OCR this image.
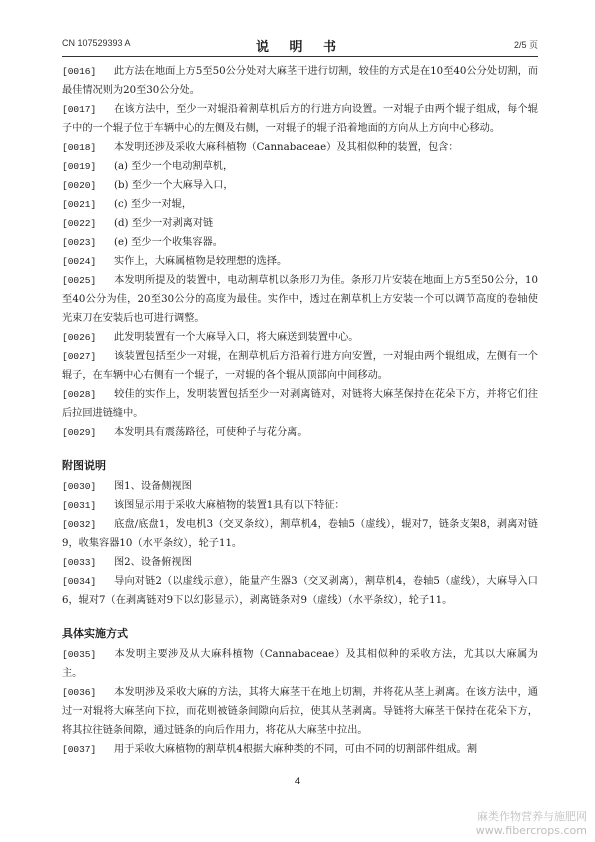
CN 107529393 A	说 明 书	2/5 页
[0016] 此方法在地面上方5至50公分处对大麻茎干进行切割，较佳的方式是在10至40公分处切割，而最佳情况则为20至30公分处。
[0017] 在该方法中，至少一对辊沿着割草机后方的行进方向设置。一对辊子由两个辊子组成，每个辊子中的一个辊子位于车辆中心的左侧及右侧，一对辊子的辊子沿着地面的方向从上方向中心移动。
[0018] 本发明还涉及采收大麻科植物（Cannabaceae）及其相似种的装置，包含：
[0019] (a) 至少一个电动割草机，
[0020] (b) 至少一个大麻导入口，
[0021] (c) 至少一对辊，
[0022] (d) 至少一对剥离对链
[0023] (e) 至少一个收集容器。
[0024] 实作上，大麻属植物是较理想的选择。
[0025] 本发明所提及的装置中，电动割草机以条形刀为佳。条形刀片安装在地面上方5至50公分，10至40公分为佳，20至30公分的高度为最佳。实作中，透过在割草机上方安装一个可以调节高度的卷轴使光束刀在安装后也可进行调整。
[0026] 此发明装置有一个大麻导入口，将大麻送到装置中心。
[0027] 该装置包括至少一对辊，在割草机后方沿着行进方向安置，一对辊由两个辊组成，左侧有一个辊子，在车辆中心右侧有一个辊子，一对辊的各个辊从顶部向中间移动。
[0028] 较佳的实作上，发明装置包括至少一对剥离链对，对链将大麻茎保持在花朵下方，并将它们往后拉回进链缝中。
[0029] 本发明具有震荡路径，可使种子与花分离。
附图说明
[0030] 图1、设备侧视图
[0031] 该图显示用于采收大麻植物的装置1具有以下特征：
[0032] 底盘/底盘1，发电机3（交叉条纹），割草机4，卷轴5（虚线），辊对7，链条支架8，剥离对链9，收集容器10（水平条纹），轮子11。
[0033] 图2、设备俯视图
[0034] 导向对链2（以虚线示意），能量产生器3（交叉剥离），割草机4，卷轴5（虚线），大麻导入口6，辊对7（在剥离链对9下以幻影显示），剥离链条对9（虚线）（水平条纹），轮子11。
具体实施方式
[0035] 本发明主要涉及从大麻科植物（Cannabaceae）及其相似种的采收方法，尤其以大麻属为主。
[0036] 本发明涉及采收大麻的方法，其将大麻茎干在地上切割，并将花从茎上剥离。在该方法中，通过一对辊将大麻茎向下拉，而花则被链条间隙向后拉，使其从茎剥离。导链将大麻茎干保持在花朵下方，将其拉往链条间隙，通过链条的向后作用力，将花从大麻茎中拉出。
[0037] 用于采收大麻植物的割草机4根据大麻种类的不同，可由不同的切割部件组成。割
4
麻类作物营养与施肥网
www.fibercrops.com
